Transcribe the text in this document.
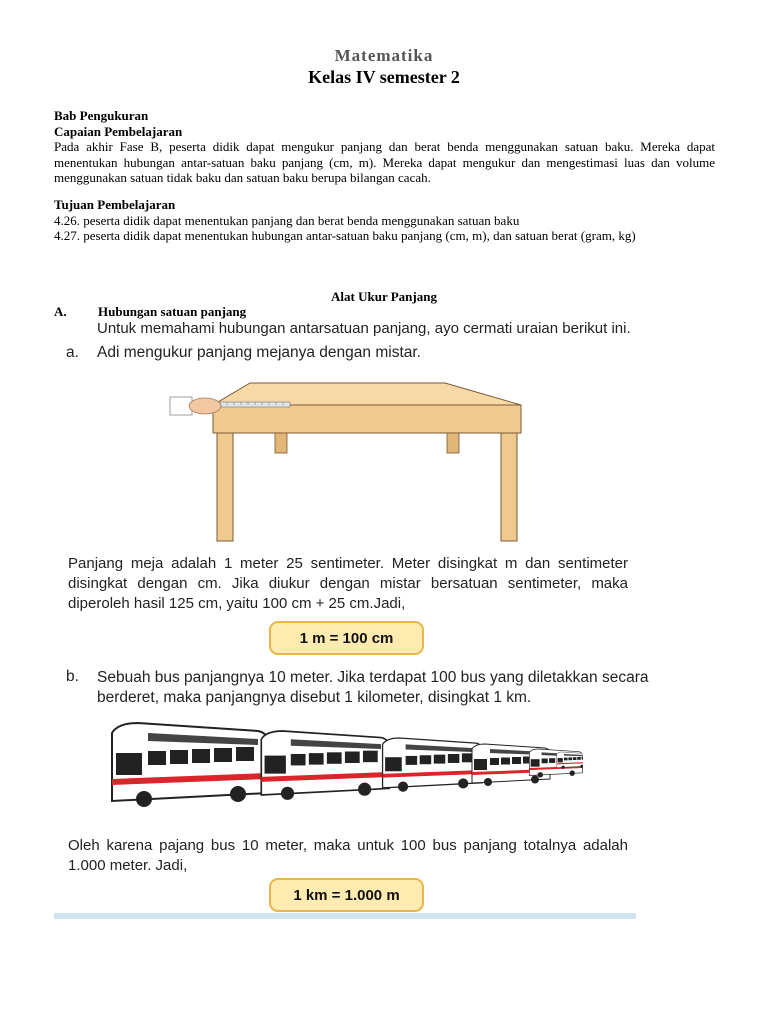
Matematika
Kelas IV semester 2
Bab Pengukuran
Capaian Pembelajaran
Pada akhir Fase B, peserta didik dapat mengukur panjang dan berat benda menggunakan satuan baku. Mereka dapat menentukan hubungan antar-satuan baku panjang (cm, m). Mereka dapat mengukur dan mengestimasi luas dan volume menggunakan satuan tidak baku dan satuan baku berupa bilangan cacah.
Tujuan Pembelajaran
4.26. peserta didik dapat menentukan panjang dan berat benda menggunakan satuan baku
4.27. peserta didik dapat menentukan hubungan antar-satuan baku panjang (cm, m), dan satuan berat (gram, kg)
Alat Ukur Panjang
A. Hubungan satuan panjang
Untuk memahami hubungan antarsatuan panjang, ayo cermati uraian berikut ini.
a.	Adi mengukur panjang mejanya dengan mistar.
Panjang meja adalah 1 meter 25 sentimeter. Meter disingkat m dan sentimeter disingkat dengan cm. Jika diukur dengan mistar bersatuan sentimeter, maka diperoleh hasil 125 cm, yaitu 100 cm + 25 cm.Jadi,
1 m = 100 cm
b.	Sebuah bus panjangnya 10 meter. Jika terdapat 100 bus yang diletakkan secara berderet, maka panjangnya disebut 1 kilometer, disingkat 1 km.
Oleh karena pajang bus 10 meter, maka untuk 100 bus panjang totalnya adalah 1.000 meter. Jadi,
1 km = 1.000 m
